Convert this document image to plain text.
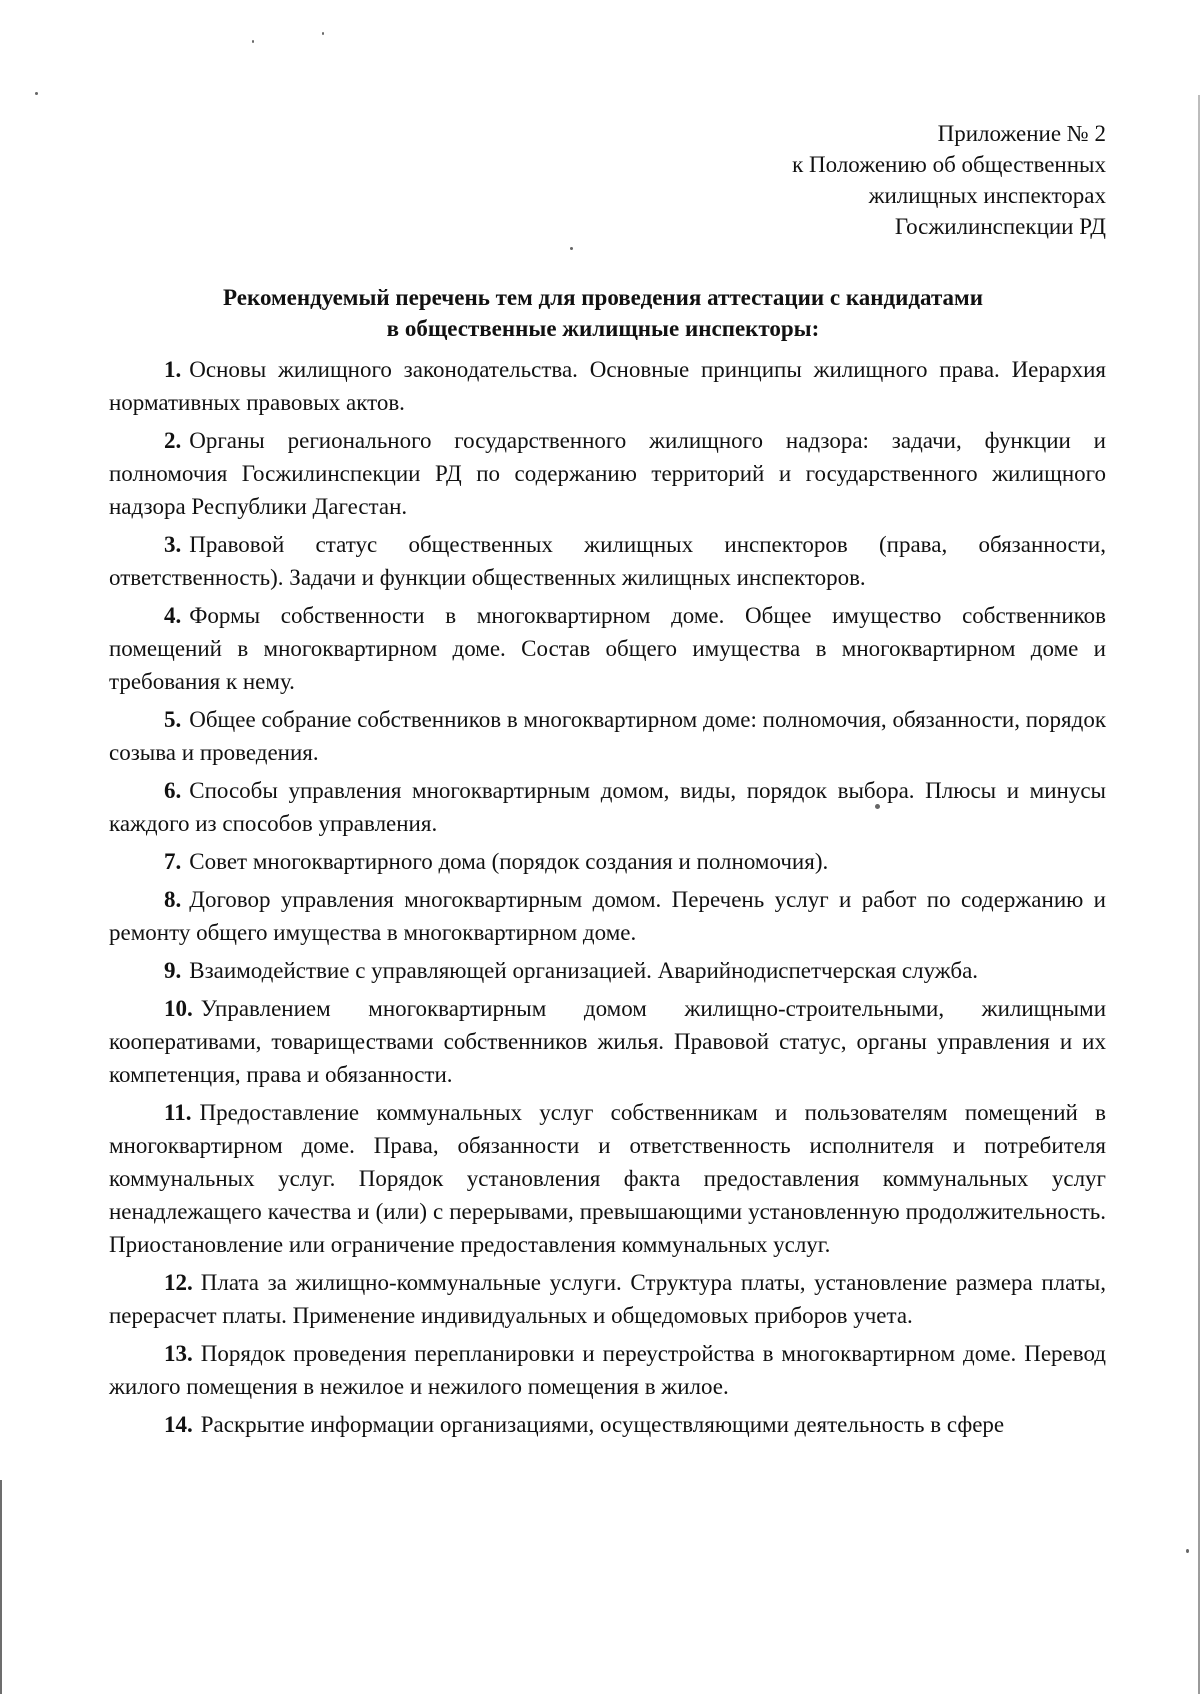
Приложение № 2
к Положению об общественных
жилищных инспекторах
Госжилинспекции РД
Рекомендуемый перечень тем для проведения аттестации с кандидатами
в общественные жилищные инспекторы:

1. Основы жилищного законодательства. Основные принципы жилищного права. Иерархия нормативных правовых актов.

2. Органы регионального государственного жилищного надзора: задачи, функции и полномочия Госжилинспекции РД по содержанию территорий и государственного жилищного надзора Республики Дагестан.

3. Правовой статус общественных жилищных инспекторов (права, обязанности, ответственность). Задачи и функции общественных жилищных инспекторов.

4. Формы собственности в многоквартирном доме. Общее имущество собственников помещений в многоквартирном доме. Состав общего имущества в многоквартирном доме и требования к нему.

5. Общее собрание собственников в многоквартирном доме: полномочия, обязанности, порядок созыва и проведения.

6. Способы управления многоквартирным домом, виды, порядок выбора. Плюсы и минусы каждого из способов управления.

7. Совет многоквартирного дома (порядок создания и полномочия).

8. Договор управления многоквартирным домом. Перечень услуг и работ по содержанию и ремонту общего имущества в многоквартирном доме.

9. Взаимодействие с управляющей организацией. Аварийнодиспетчерская служба.

10. Управлением многоквартирным домом жилищно-строительными, жилищными кооперативами, товариществами собственников жилья. Правовой статус, органы управления и их компетенция, права и обязанности.

11. Предоставление коммунальных услуг собственникам и пользователям помещений в многоквартирном доме. Права, обязанности и ответственность исполнителя и потребителя коммунальных услуг. Порядок установления факта предоставления коммунальных услуг ненадлежащего качества и (или) с перерывами, превышающими установленную продолжительность. Приостановление или ограничение предоставления коммунальных услуг.

12. Плата за жилищно-коммунальные услуги. Структура платы, установление размера платы, перерасчет платы. Применение индивидуальных и общедомовых приборов учета.

13. Порядок проведения перепланировки и переустройства в многоквартирном доме. Перевод жилого помещения в нежилое и нежилого помещения в жилое.

14. Раскрытие информации организациями, осуществляющими деятельность в сфере
